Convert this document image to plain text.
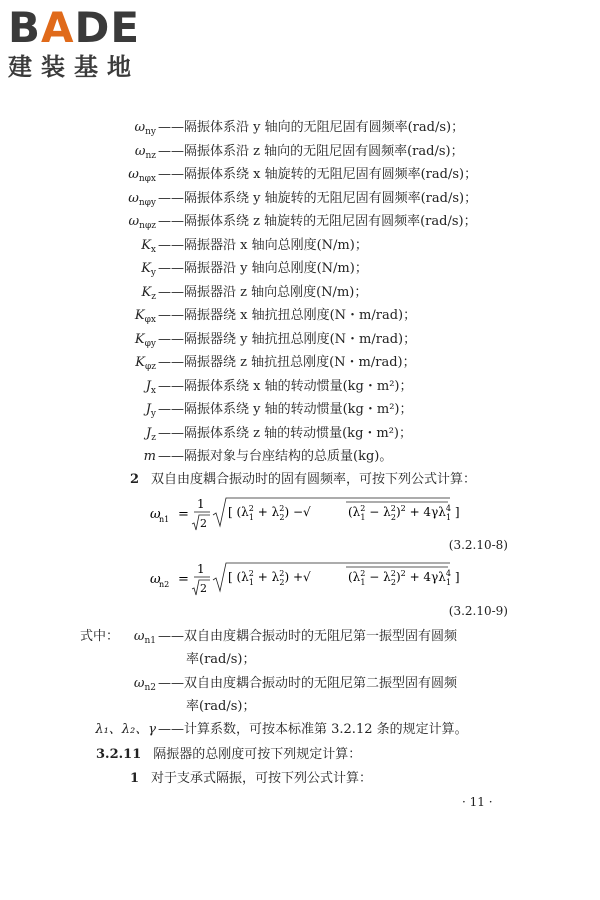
BADE
建装基地
$\omega_{ny}$ ——隔振体系沿 y 轴向的无阻尼固有圆频率(rad/s)；
$\omega_{nz}$ ——隔振体系沿 z 轴向的无阻尼固有圆频率(rad/s)；
$\omega_{n\varphi x}$ ——隔振体系绕 x 轴旋转的无阻尼固有圆频率(rad/s)；
$\omega_{n\varphi y}$ ——隔振体系绕 y 轴旋转的无阻尼固有圆频率(rad/s)；
$\omega_{n\varphi z}$ ——隔振体系绕 z 轴旋转的无阻尼固有圆频率(rad/s)；
$K_x$ ——隔振器沿 x 轴向总刚度(N/m)；
$K_y$ ——隔振器沿 y 轴向总刚度(N/m)；
$K_z$ ——隔振器沿 z 轴向总刚度(N/m)；
$K_{\varphi x}$ ——隔振器绕 x 轴抗扭总刚度(N・m/rad)；
$K_{\varphi y}$ ——隔振器绕 y 轴抗扭总刚度(N・m/rad)；
$K_{\varphi z}$ ——隔振器绕 z 轴抗扭总刚度(N・m/rad)；
$J_x$ ——隔振体系绕 x 轴的转动惯量(kg・m²)；
$J_y$ ——隔振体系绕 y 轴的转动惯量(kg・m²)；
$J_z$ ——隔振体系绕 z 轴的转动惯量(kg・m²)；
m ——隔振对象与台座结构的总质量(kg)。
2 双自由度耦合振动时的固有圆频率，可按下列公式计算：
ω
n1 =
1
2
[ ($\lambda^2$ $1 + \lambda^2$ 2) −√	($\lambda^2$ $1 - \lambda^2$ $2)^2 + 4\gamma\lambda^4$ 1 ]
(3.2.10-8)
ω
n2 =
1
2
[ ($\lambda^2$ $1 + \lambda^2$ 2) +√	($\lambda^2$ $1 - \lambda^2$ $2)^2 + 4\gamma\lambda^4$ 1 ]
(3.2.10-9)
式中： $\omega_{n1}$ ——双自由度耦合振动时的无阻尼第一振型固有圆频
率(rad/s)；
$\omega_{n2}$ ——双自由度耦合振动时的无阻尼第二振型固有圆频
率(rad/s)；
λ₁、λ₂、γ ——计算系数，可按本标准第 3.2.12 条的规定计算。
3.2.11 隔振器的总刚度可按下列规定计算：
1 对于支承式隔振，可按下列公式计算：
· 11 ·
